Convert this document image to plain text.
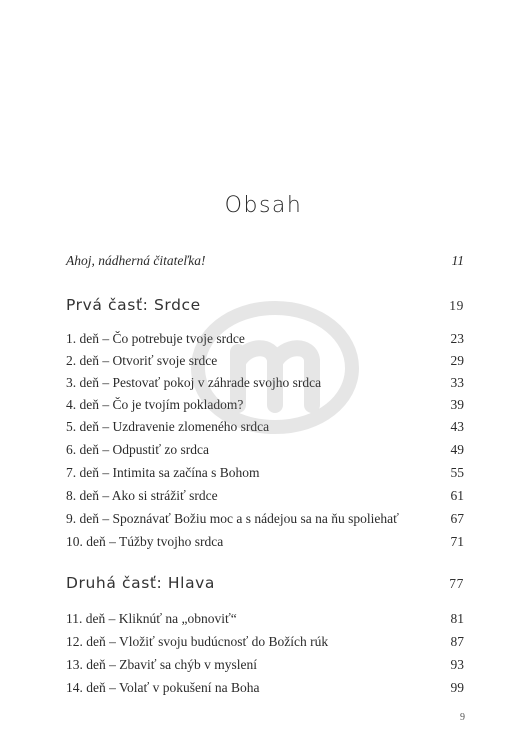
Obsah
Ahoj, nádherná čitateľka!	11
Prvá časť: Srdce	19
1. deň – Čo potrebuje tvoje srdce	23
2. deň – Otvoriť svoje srdce	29
3. deň – Pestovať pokoj v záhrade svojho srdca	33
4. deň – Čo je tvojím pokladom?	39
5. deň – Uzdravenie zlomeného srdca	43
6. deň – Odpustiť zo srdca	49
7. deň – Intimita sa začína s Bohom	55
8. deň – Ako si strážiť srdce	61
9. deň – Spoznávať Božiu moc a s nádejou sa na ňu spoliehať	67
10. deň – Túžby tvojho srdca	71
Druhá časť: Hlava	77
11. deň – Kliknúť na „obnoviť“	81
12. deň – Vložiť svoju budúcnosť do Božích rúk	87
13. deň – Zbaviť sa chýb v myslení	93
14. deň – Volať v pokušení na Boha	99
9
